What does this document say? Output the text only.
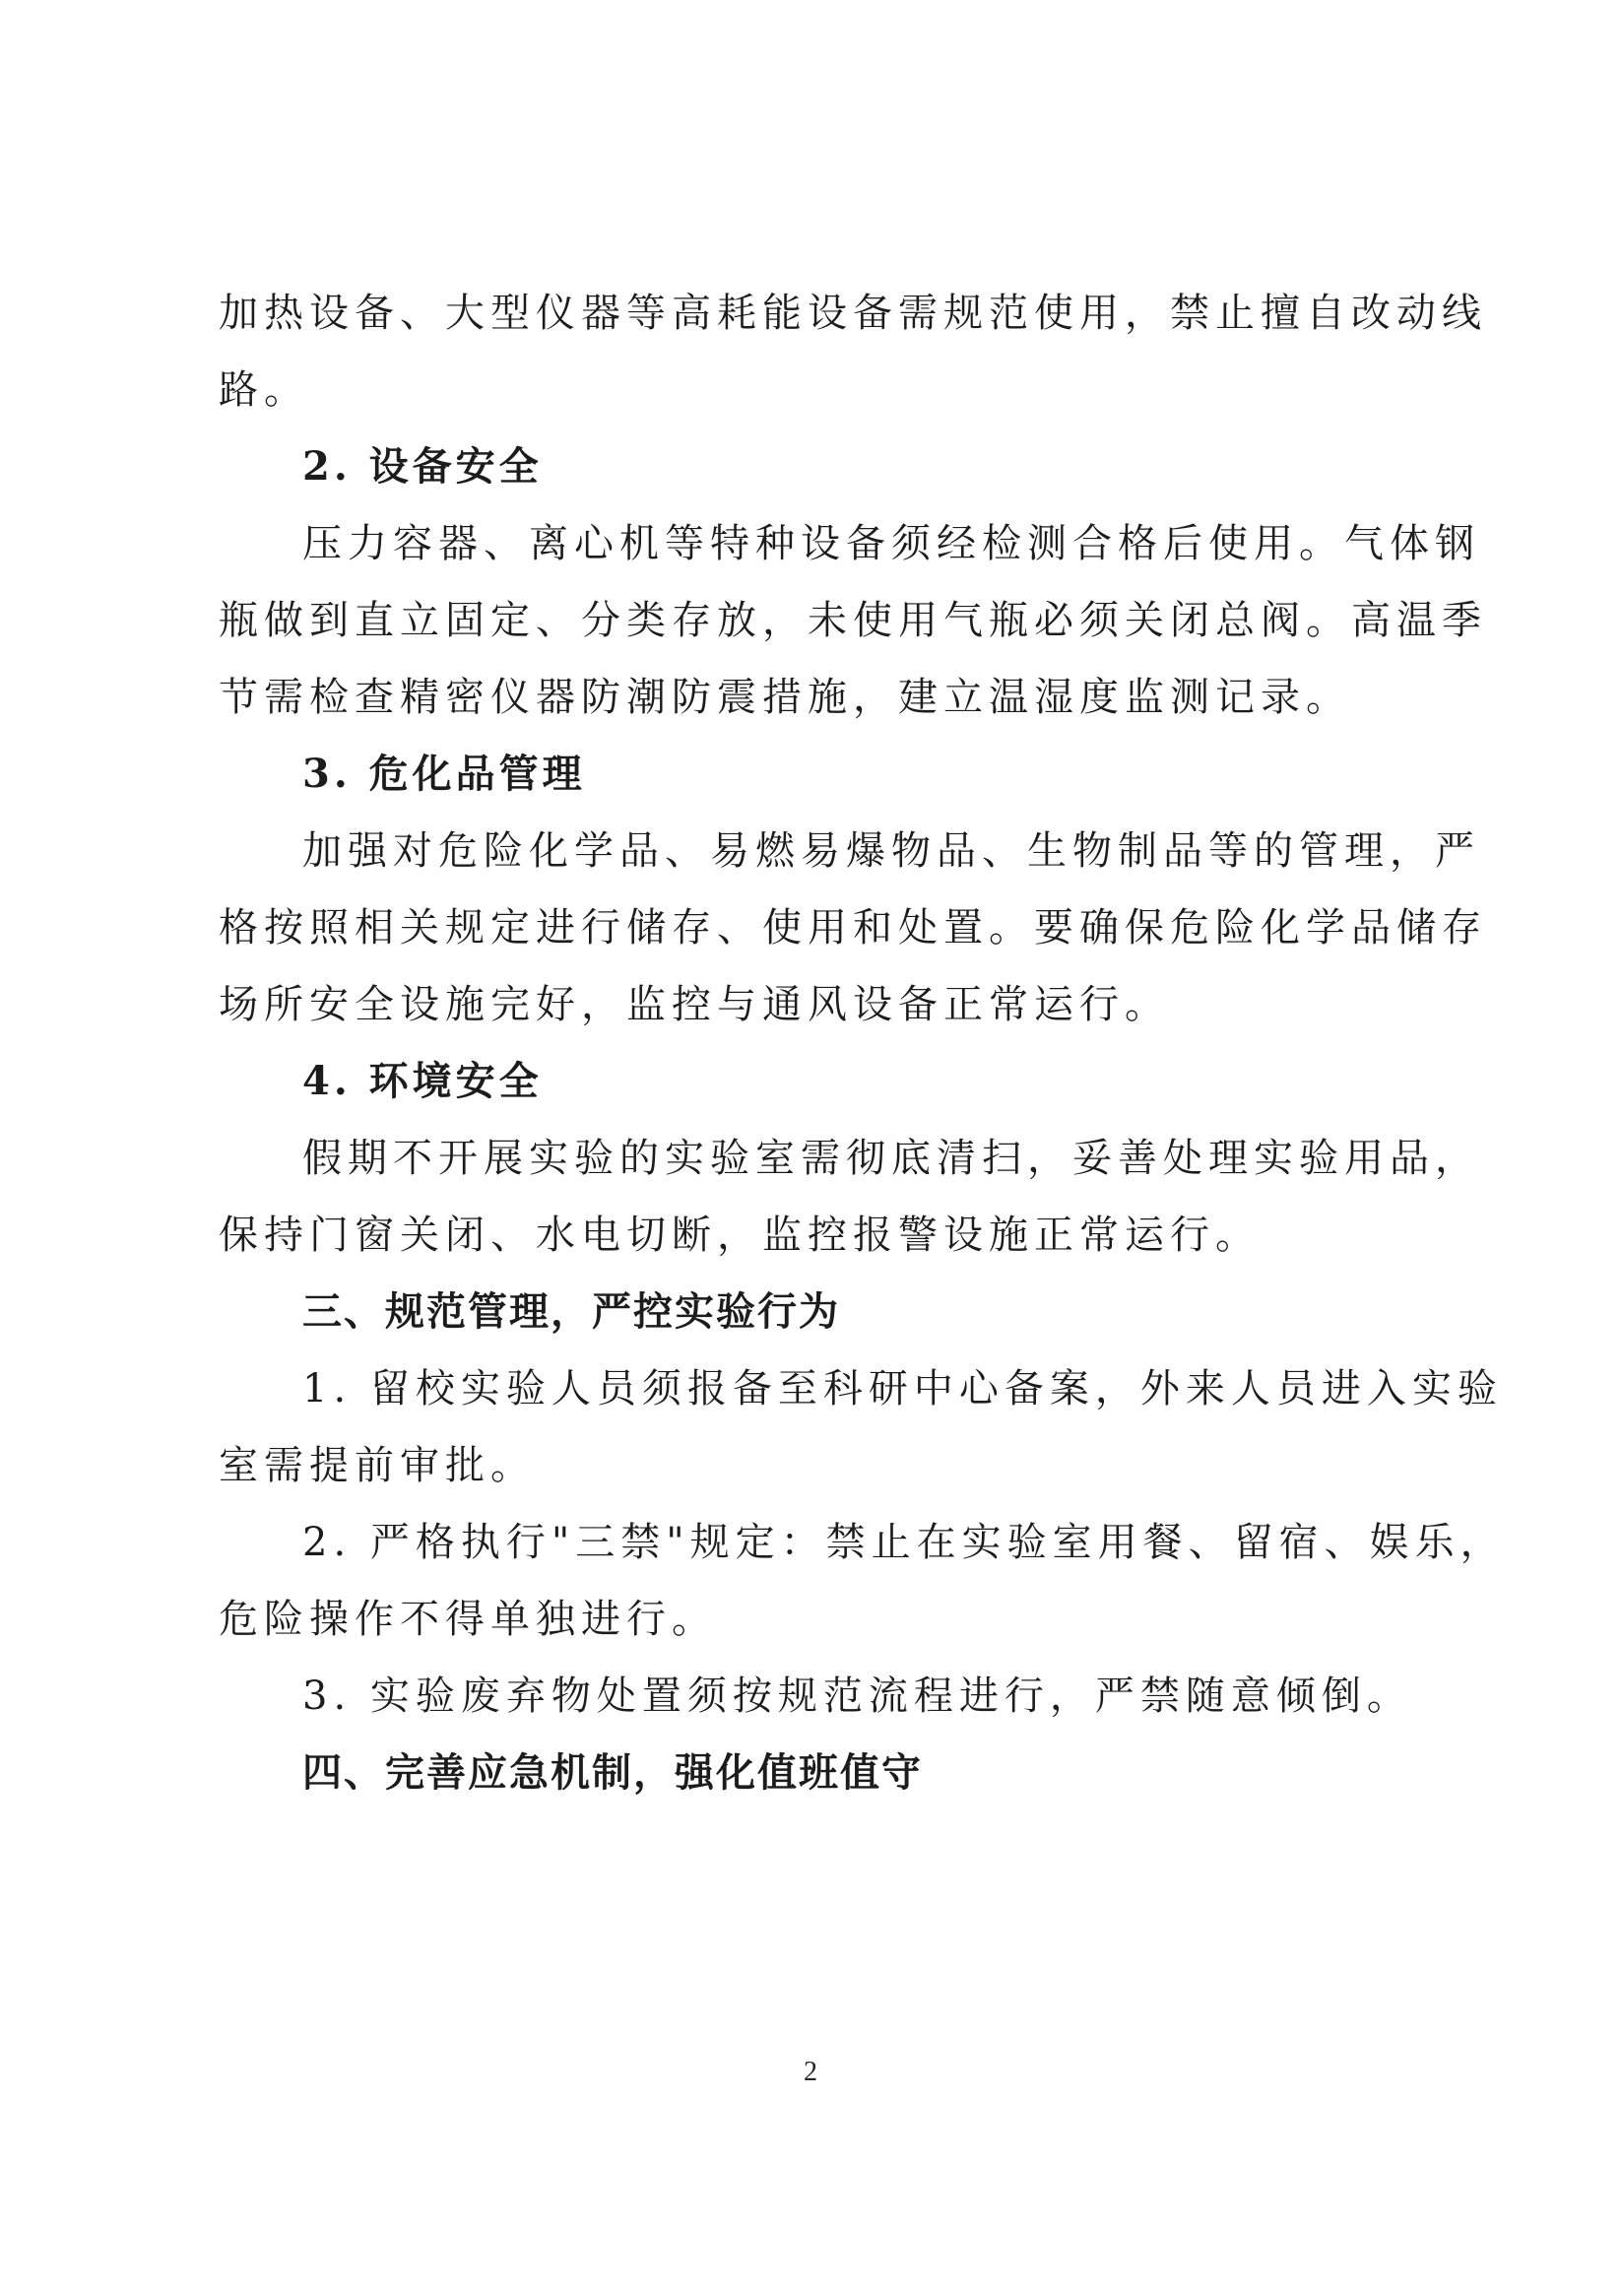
加热设备、大型仪器等高耗能设备需规范使用，禁止擅自改动线
路。
2. 设备安全
压力容器、离心机等特种设备须经检测合格后使用。气体钢
瓶做到直立固定、分类存放，未使用气瓶必须关闭总阀。高温季
节需检查精密仪器防潮防震措施，建立温湿度监测记录。
3. 危化品管理
加强对危险化学品、易燃易爆物品、生物制品等的管理，严
格按照相关规定进行储存、使用和处置。要确保危险化学品储存
场所安全设施完好，监控与通风设备正常运行。
4. 环境安全
假期不开展实验的实验室需彻底清扫，妥善处理实验用品，
保持门窗关闭、水电切断，监控报警设施正常运行。
三、规范管理，严控实验行为
1. 留校实验人员须报备至科研中心备案，外来人员进入实验
室需提前审批。
2. 严格执行"三禁"规定：禁止在实验室用餐、留宿、娱乐，
危险操作不得单独进行。
3. 实验废弃物处置须按规范流程进行，严禁随意倾倒。
四、完善应急机制，强化值班值守
2
